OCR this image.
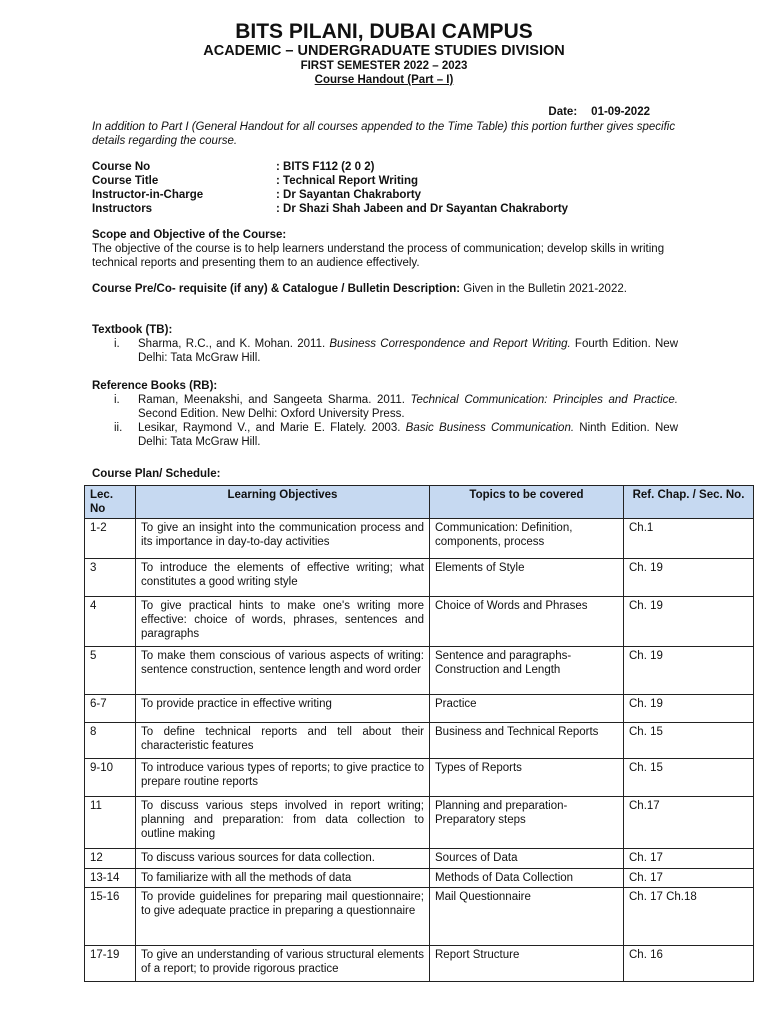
BITS PILANI, DUBAI CAMPUS
ACADEMIC – UNDERGRADUATE STUDIES DIVISION
FIRST SEMESTER 2022 – 2023
Course Handout (Part – I)
Date: 01-09-2022
In addition to Part I (General Handout for all courses appended to the Time Table) this portion further gives specific details regarding the course.
Course No	: BITS F112 (2 0 2)
Course Title	: Technical Report Writing
Instructor-in-Charge	: Dr Sayantan Chakraborty
Instructors	: Dr Shazi Shah Jabeen and Dr Sayantan Chakraborty
Scope and Objective of the Course:
The objective of the course is to help learners understand the process of communication; develop skills in writing technical reports and presenting them to an audience effectively.
Course Pre/Co- requisite (if any) & Catalogue / Bulletin Description: Given in the Bulletin 2021-2022.
Textbook (TB):
i. Sharma, R.C., and K. Mohan. 2011. Business Correspondence and Report Writing. Fourth Edition. New Delhi: Tata McGraw Hill.
Reference Books (RB):
i. Raman, Meenakshi, and Sangeeta Sharma. 2011. Technical Communication: Principles and Practice. Second Edition. New Delhi: Oxford University Press.
ii. Lesikar, Raymond V., and Marie E. Flately. 2003. Basic Business Communication. Ninth Edition. New Delhi: Tata McGraw Hill.
Course Plan/ Schedule:
Lec. No	Learning Objectives	Topics to be covered	Ref. Chap. / Sec. No.
1-2	To give an insight into the communication process and its importance in day-to-day activities	Communication: Definition, components, process	Ch.1
3	To introduce the elements of effective writing; what constitutes a good writing style	Elements of Style	Ch. 19
4	To give practical hints to make one's writing more effective: choice of words, phrases, sentences and paragraphs	Choice of Words and Phrases	Ch. 19
5	To make them conscious of various aspects of writing: sentence construction, sentence length and word order	Sentence and paragraphs- Construction and Length	Ch. 19
6-7	To provide practice in effective writing	Practice	Ch. 19
8	To define technical reports and tell about their characteristic features	Business and Technical Reports	Ch. 15
9-10	To introduce various types of reports; to give practice to prepare routine reports	Types of Reports	Ch. 15
11	To discuss various steps involved in report writing; planning and preparation: from data collection to outline making	Planning and preparation- Preparatory steps	Ch.17
12	To discuss various sources for data collection.	Sources of Data	Ch. 17
13-14	To familiarize with all the methods of data	Methods of Data Collection	Ch. 17
15-16	To provide guidelines for preparing mail questionnaire; to give adequate practice in preparing a questionnaire	Mail Questionnaire	Ch. 17 Ch.18
17-19	To give an understanding of various structural elements of a report; to provide rigorous practice	Report Structure	Ch. 16
